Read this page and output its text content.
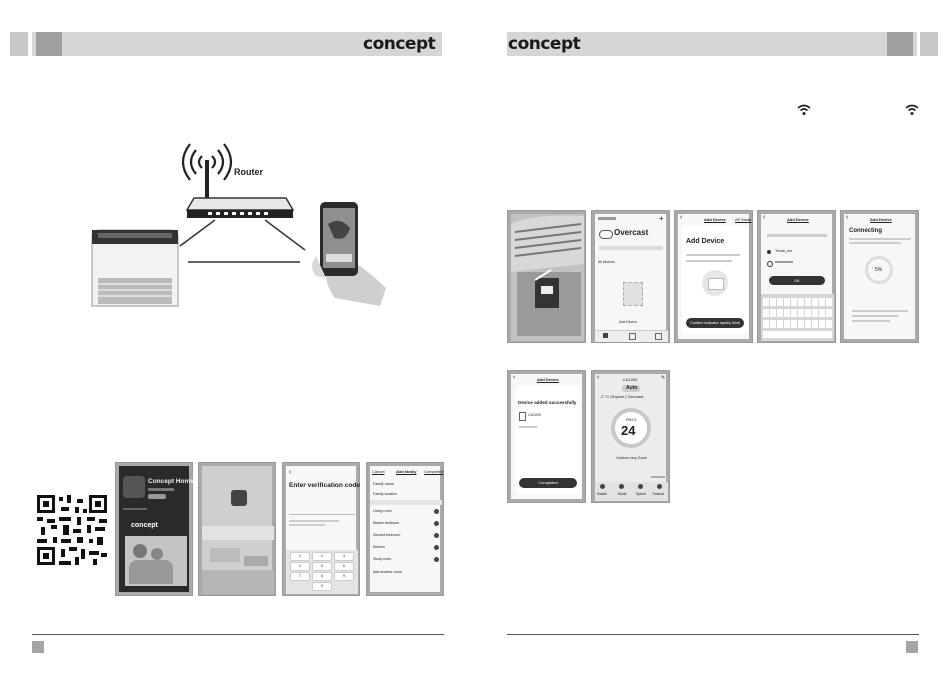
concept	concept
Router
Concept Home
concept
‹
Enter verification code
1	2	3
4	5	6
7	8	9
0
Cancel	Add family Completed
Family name
Family location
Living room
Master bedroom
Second bedroom
Kitchen
Study room
Add another room
+
Overcast
All devices
Add Device
‹	Add Device AP Mode
Add Device
Confirm indicator rapidly blink
‹	Add Device
Tenda_xxx
OK
‹	Add Device
Connecting
5%
‹	Add Device
Device added successfully
CA1000
Completed
‹	CA1000	✎
Auto
-2 °C Ohyzen | Overcast
PM2.5
24
Outdoor very Good
Switch	Mode	Speed Timeout
